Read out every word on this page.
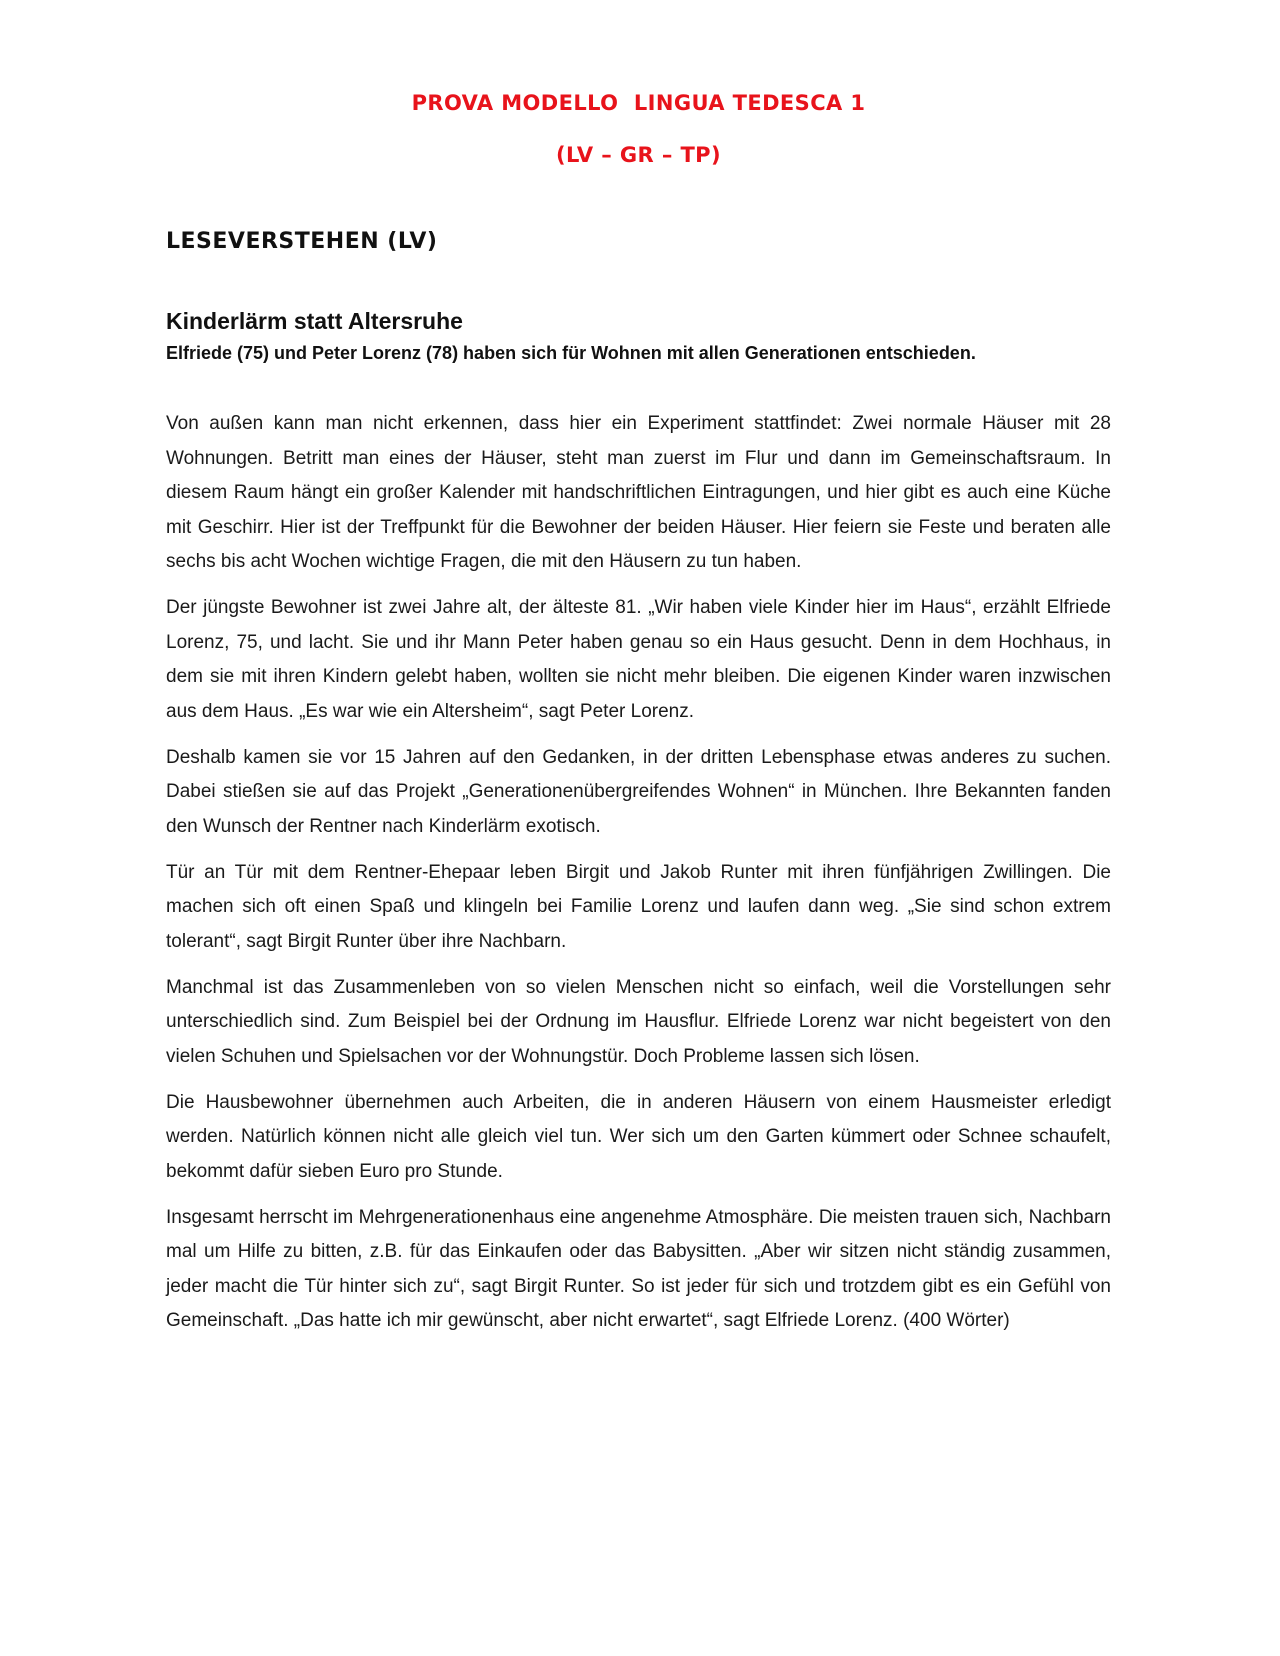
PROVA MODELLO  LINGUA TEDESCA 1
(LV – GR – TP)
LESEVERSTEHEN (LV)
Kinderlärm statt Altersruhe
Elfriede (75) und Peter Lorenz (78) haben sich für Wohnen mit allen Generationen entschieden.

Von außen kann man nicht erkennen, dass hier ein Experiment stattfindet: Zwei normale Häuser mit 28 Wohnungen. Betritt man eines der Häuser, steht man zuerst im Flur und dann im Gemeinschaftsraum. In diesem Raum hängt ein großer Kalender mit handschriftlichen Eintragungen, und hier gibt es auch eine Küche mit Geschirr. Hier ist der Treffpunkt für die Bewohner der beiden Häuser. Hier feiern sie Feste und beraten alle sechs bis acht Wochen wichtige Fragen, die mit den Häusern zu tun haben.

Der jüngste Bewohner ist zwei Jahre alt, der älteste 81. „Wir haben viele Kinder hier im Haus“, erzählt Elfriede Lorenz, 75, und lacht. Sie und ihr Mann Peter haben genau so ein Haus gesucht. Denn in dem Hochhaus, in dem sie mit ihren Kindern gelebt haben, wollten sie nicht mehr bleiben. Die eigenen Kinder waren inzwischen aus dem Haus. „Es war wie ein Altersheim“, sagt Peter Lorenz.

Deshalb kamen sie vor 15 Jahren auf den Gedanken, in der dritten Lebensphase etwas anderes zu suchen. Dabei stießen sie auf das Projekt „Generationenübergreifendes Wohnen“ in München. Ihre Bekannten fanden den Wunsch der Rentner nach Kinderlärm exotisch.

Tür an Tür mit dem Rentner-Ehepaar leben Birgit und Jakob Runter mit ihren fünfjährigen Zwillingen. Die machen sich oft einen Spaß und klingeln bei Familie Lorenz und laufen dann weg. „Sie sind schon extrem tolerant“, sagt Birgit Runter über ihre Nachbarn.

Manchmal ist das Zusammenleben von so vielen Menschen nicht so einfach, weil die Vorstellungen sehr unterschiedlich sind. Zum Beispiel bei der Ordnung im Hausflur. Elfriede Lorenz war nicht begeistert von den vielen Schuhen und Spielsachen vor der Wohnungstür. Doch Probleme lassen sich lösen.

Die Hausbewohner übernehmen auch Arbeiten, die in anderen Häusern von einem Hausmeister erledigt werden. Natürlich können nicht alle gleich viel tun. Wer sich um den Garten kümmert oder Schnee schaufelt, bekommt dafür sieben Euro pro Stunde.

Insgesamt herrscht im Mehrgenerationenhaus eine angenehme Atmosphäre. Die meisten trauen sich, Nachbarn mal um Hilfe zu bitten, z.B. für das Einkaufen oder das Babysitten. „Aber wir sitzen nicht ständig zusammen, jeder macht die Tür hinter sich zu“, sagt Birgit Runter. So ist jeder für sich und trotzdem gibt es ein Gefühl von Gemeinschaft. „Das hatte ich mir gewünscht, aber nicht erwartet“, sagt Elfriede Lorenz. (400 Wörter)
